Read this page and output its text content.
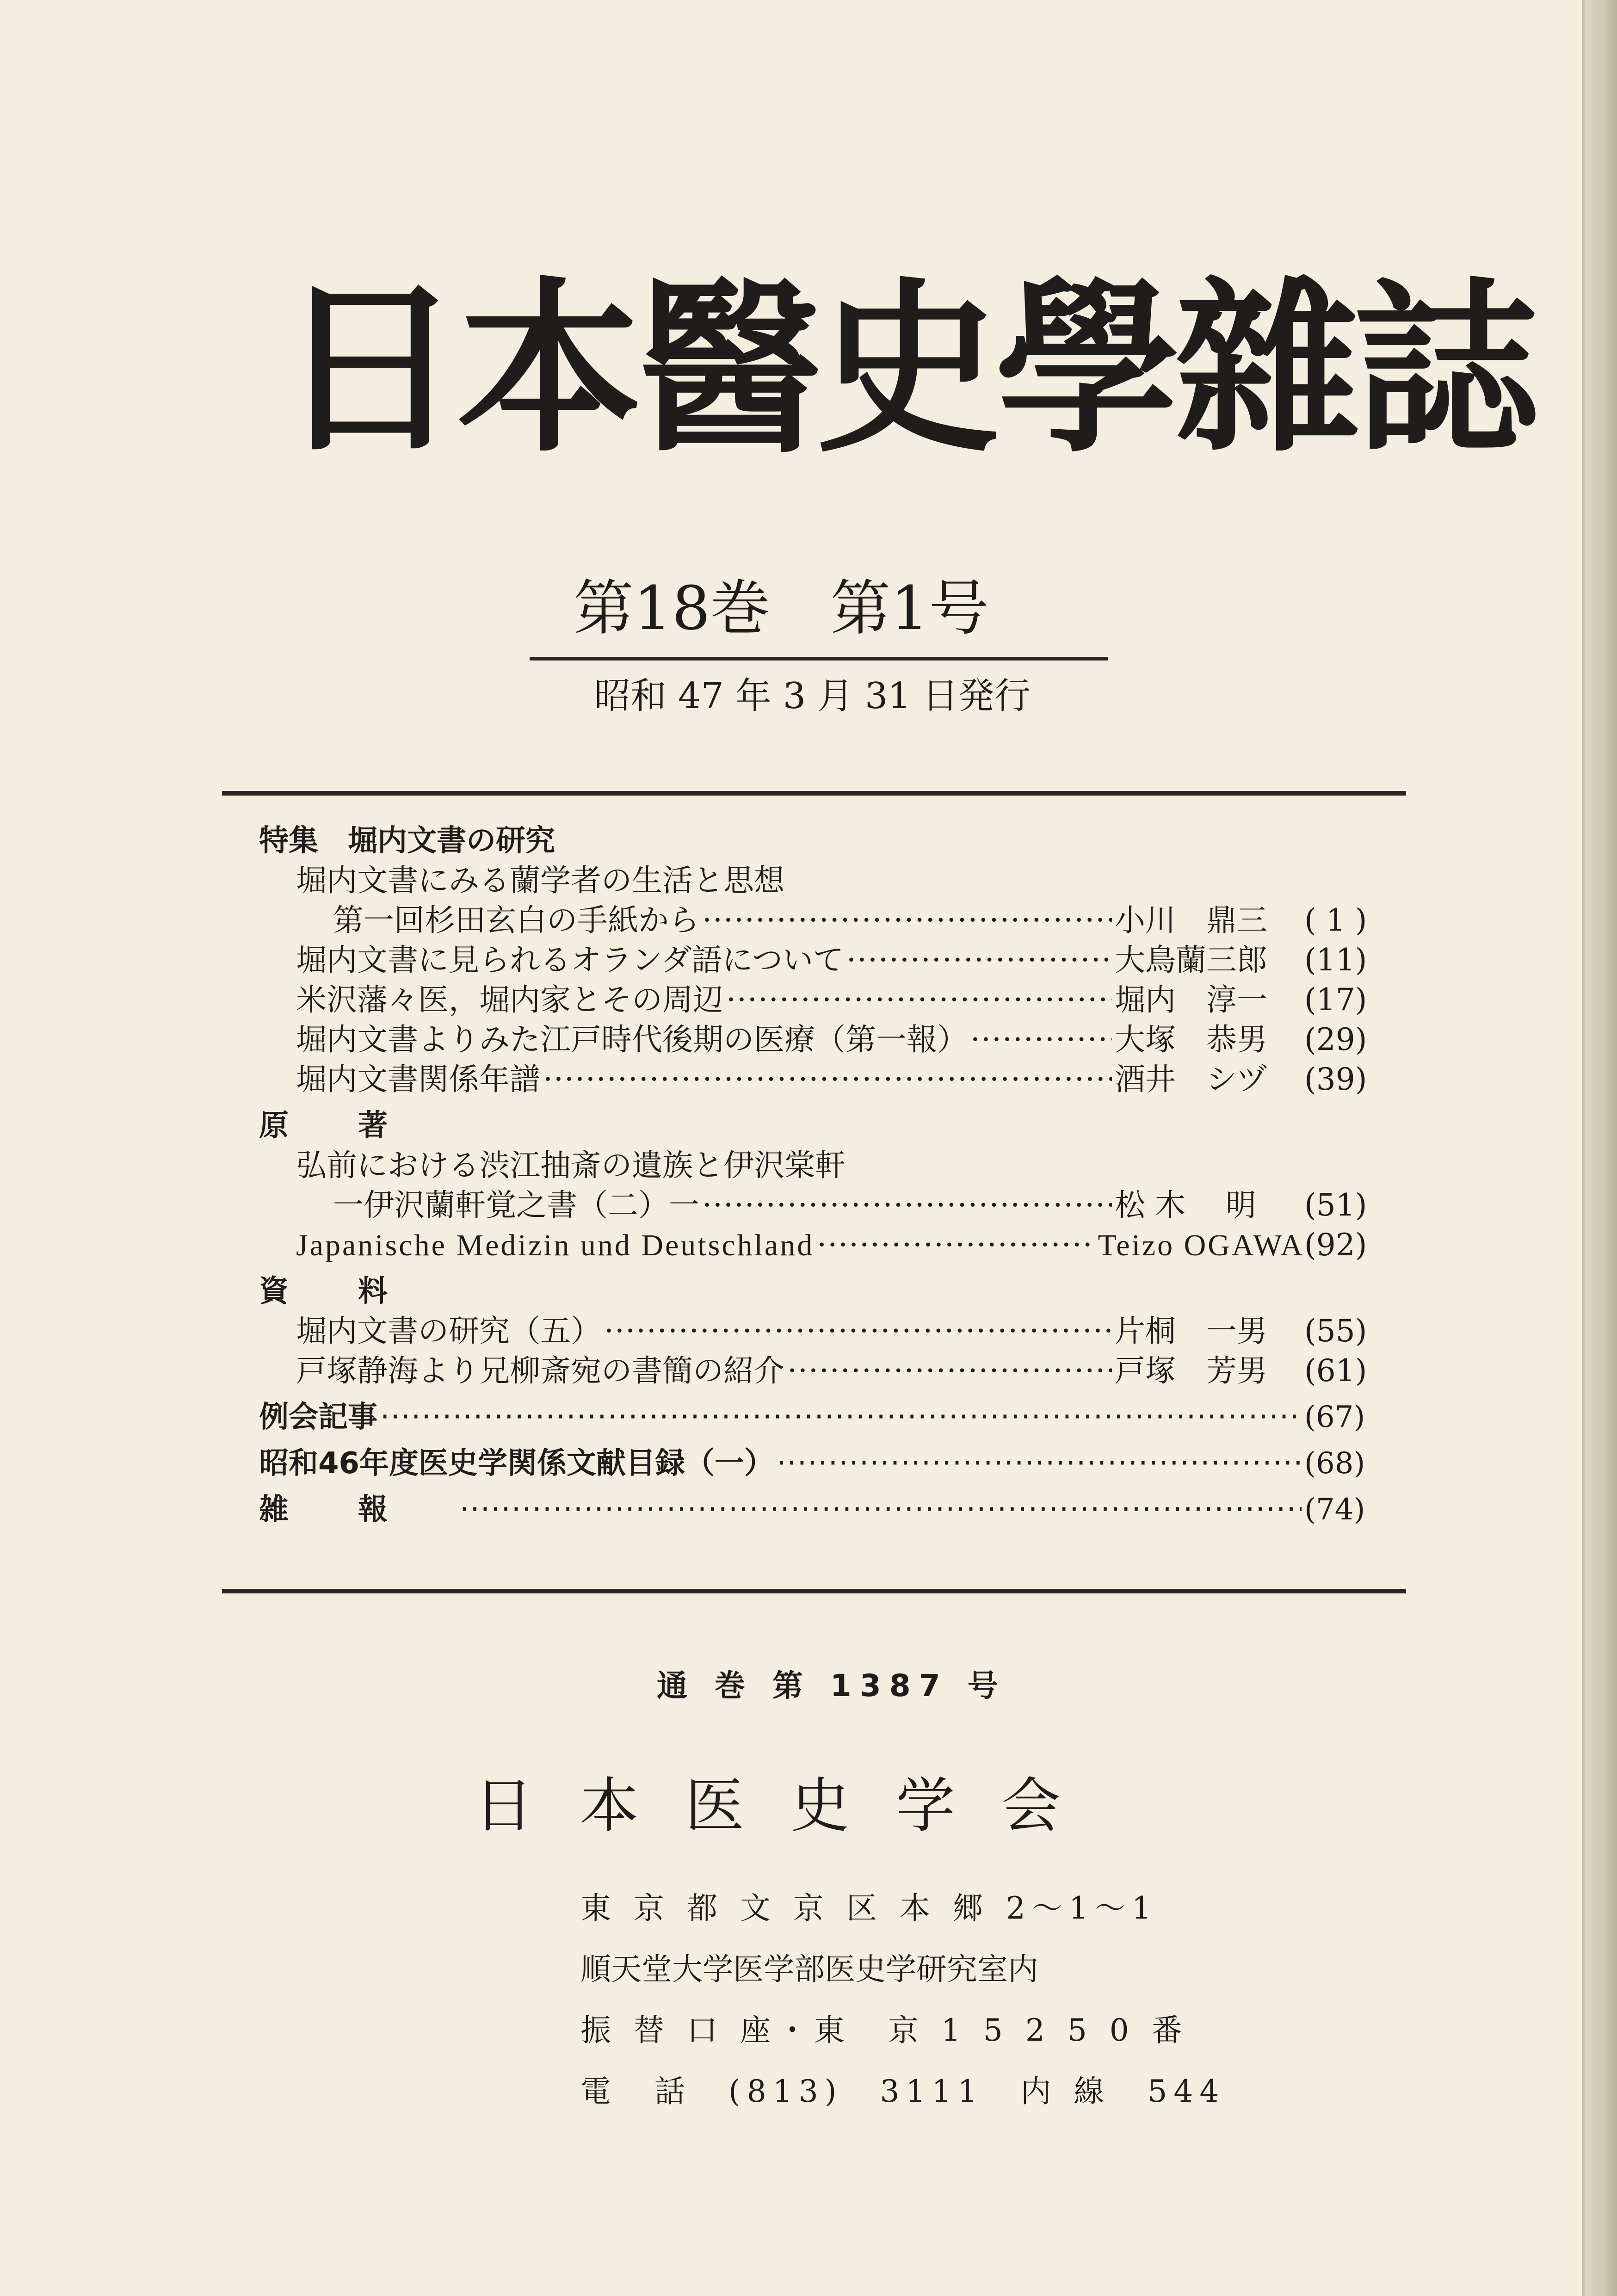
日本醫史學雜誌
第18巻　第1号
昭和 47 年 3 月 31 日発行
特集　堀内文書の研究
堀内文書にみる蘭学者の生活と思想
第一回杉田玄白の手紙から ·····	小川　鼎三	( 1 )
堀内文書に見られるオランダ語について ·····	大鳥蘭三郎	(11)
米沢藩々医，堀内家とその周辺 ·····	堀内　淳一	(17)
堀内文書よりみた江戸時代後期の医療（第一報） ·····	大塚　恭男	(29)
堀内文書関係年譜 ·····	酒井　シヅ	(39)
原著
弘前における渋江抽斎の遺族と伊沢棠軒
一伊沢蘭軒覚之書（二）一 ·····	松 木　 明	(51)
Japanische Medizin und Deutschland ·····	Teizo OGAWA (92)
資料
堀内文書の研究（五） ·····	片桐　一男	(55)
戸塚静海より兄柳斎宛の書簡の紹介 ·····	戸塚　芳男	(61)
例会記事 ·····	(67)
昭和46年度医史学関係文献目録（一） ·····	(68)
雑報 ·····	(74)
通 巻 第 1387 号
日本医史学会
東 京 都 文 京 区 本 郷 2〜1〜1
順天堂大学医学部医史学研究室内
振 替 口 座・東　京 1 5 2 5 0 番
電　話　(813)　3111　内 線　544
